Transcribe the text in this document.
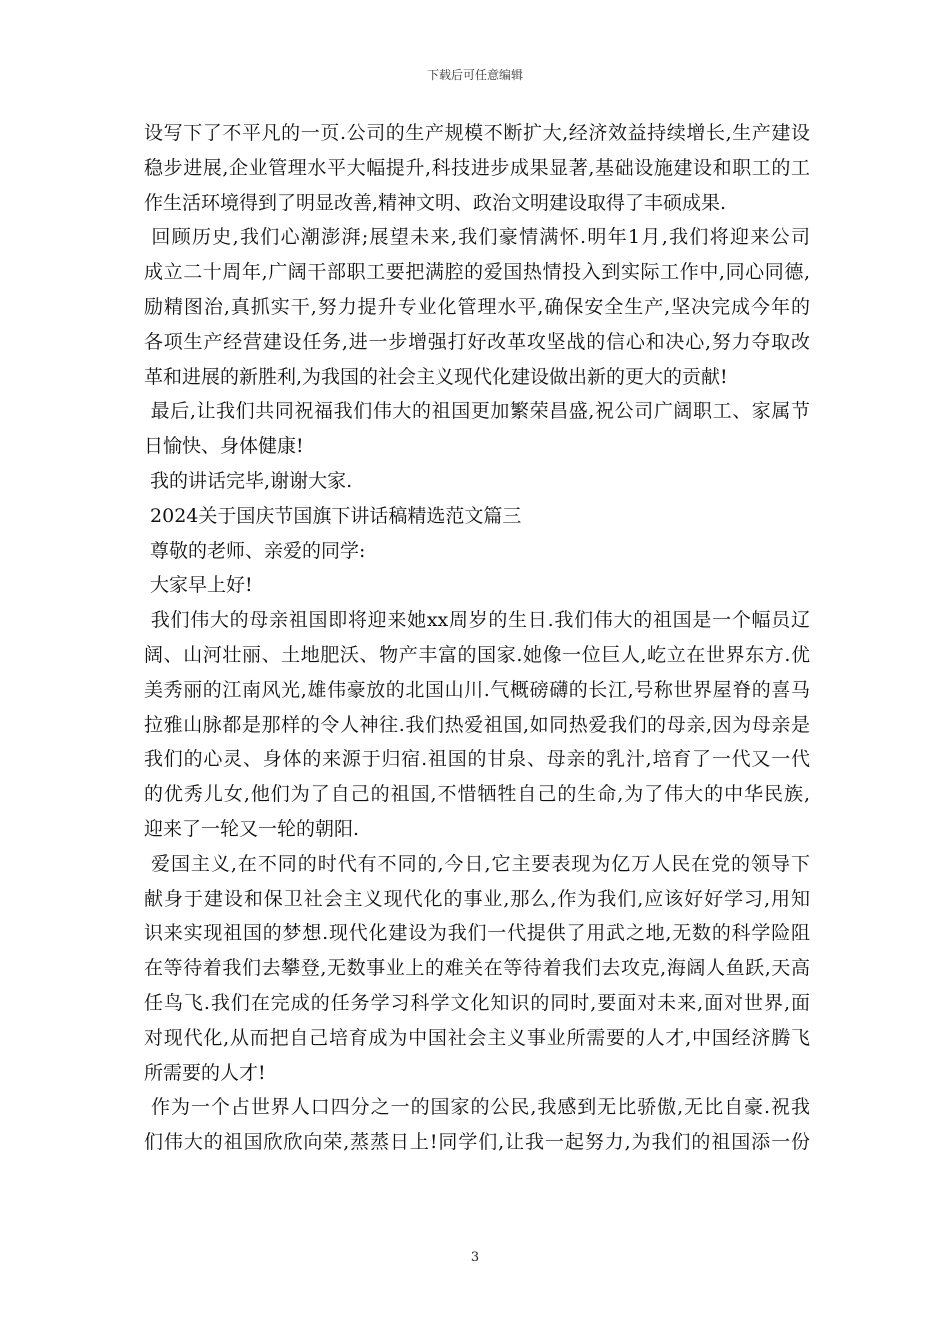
下载后可任意编辑
设写下了不平凡的一页.公司的生产规模不断扩大,经济效益持续增长,生产建设
稳步进展,企业管理水平大幅提升,科技进步成果显著,基础设施建设和职工的工
作生活环境得到了明显改善,精神文明、政治文明建设取得了丰硕成果.
回顾历史,我们心潮澎湃;展望未来,我们豪情满怀.明年1月,我们将迎来公司
成立二十周年,广阔干部职工要把满腔的爱国热情投入到实际工作中,同心同德,
励精图治,真抓实干,努力提升专业化管理水平,确保安全生产,坚决完成今年的
各项生产经营建设任务,进一步增强打好改革攻坚战的信心和决心,努力夺取改
革和进展的新胜利,为我国的社会主义现代化建设做出新的更大的贡献!
最后,让我们共同祝福我们伟大的祖国更加繁荣昌盛,祝公司广阔职工、家属节
日愉快、身体健康!
我的讲话完毕,谢谢大家.
2024关于国庆节国旗下讲话稿精选范文篇三
尊敬的老师、亲爱的同学:
大家早上好!
我们伟大的母亲祖国即将迎来她xx周岁的生日.我们伟大的祖国是一个幅员辽
阔、山河壮丽、土地肥沃、物产丰富的国家.她像一位巨人,屹立在世界东方.优
美秀丽的江南风光,雄伟豪放的北国山川.气概磅礴的长江,号称世界屋脊的喜马
拉雅山脉都是那样的令人神往.我们热爱祖国,如同热爱我们的母亲,因为母亲是
我们的心灵、身体的来源于归宿.祖国的甘泉、母亲的乳汁,培育了一代又一代
的优秀儿女,他们为了自己的祖国,不惜牺牲自己的生命,为了伟大的中华民族,
迎来了一轮又一轮的朝阳.
爱国主义,在不同的时代有不同的,今日,它主要表现为亿万人民在党的领导下
献身于建设和保卫社会主义现代化的事业,那么,作为我们,应该好好学习,用知
识来实现祖国的梦想.现代化建设为我们一代提供了用武之地,无数的科学险阻
在等待着我们去攀登,无数事业上的难关在等待着我们去攻克,海阔人鱼跃,天高
任鸟飞.我们在完成的任务学习科学文化知识的同时,要面对未来,面对世界,面
对现代化,从而把自己培育成为中国社会主义事业所需要的人才,中国经济腾飞
所需要的人才!
作为一个占世界人口四分之一的国家的公民,我感到无比骄傲,无比自豪.祝我
们伟大的祖国欣欣向荣,蒸蒸日上!同学们,让我一起努力,为我们的祖国添一份
3
